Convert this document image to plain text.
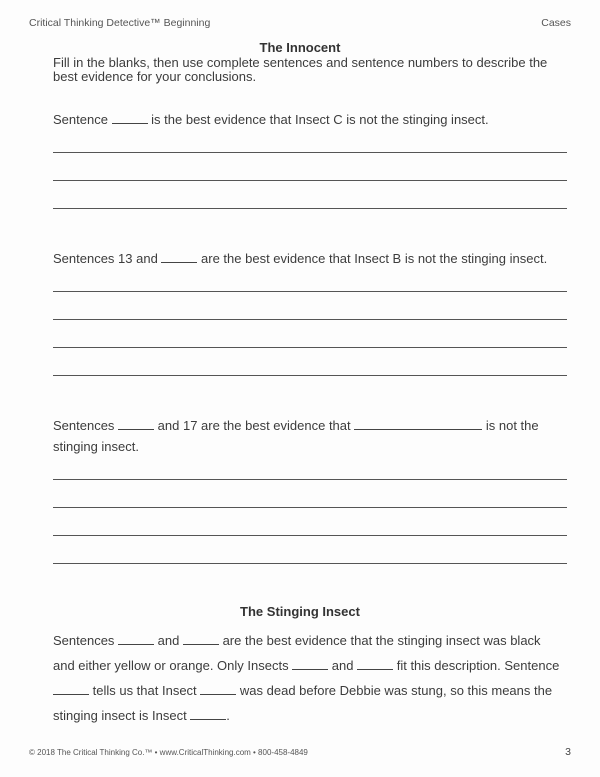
Critical Thinking Detective™ Beginning	Cases
The Innocent
Fill in the blanks, then use complete sentences and sentence numbers to describe the
best evidence for your conclusions.
Sentence	is the best evidence that Insect C is not the stinging insect.
Sentences 13 and	are the best evidence that Insect B is not the stinging insect.
Sentences	and 17 are the best evidence that	is not the
stinging insect.
The Stinging Insect
Sentences	and	are the best evidence that the stinging insect was black
and either yellow or orange. Only Insects	and	fit this description. Sentence
tells us that Insect	was dead before Debbie was stung, so this means the
stinging insect is Insect	.
© 2018 The Critical Thinking Co.™ • www.CriticalThinking.com • 800-458-4849	3
